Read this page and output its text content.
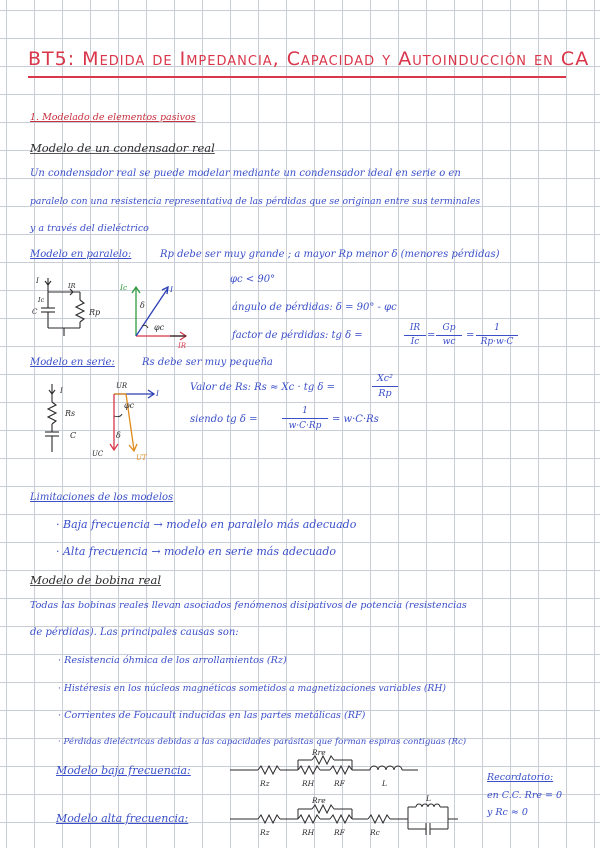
BT5: Medida de Impedancia, Capacidad y Autoinducción en CA
1. Modelado de elementos pasivos
Modelo de un condensador real
Un condensador real se puede modelar mediante un condensador ideal en serie o en
paralelo con una resistencia representativa de las pérdidas que se originan entre sus terminales
y a través del dieléctrico
Modelo en paralelo:	Rp debe ser muy grande ; a mayor Rp menor δ (menores pérdidas)
I
Ic
IR
C	Rp
Ic	I
δ
φc
IR
φc < 90°
ángulo de pérdidas: δ = 90° - φc
factor de pérdidas: tg δ =	$\frac{IR}{Ic} = \frac{Gp}{wc} = \frac{1}{Rp\cdot w\cdot C}$
Modelo en serie:	Rs debe ser muy pequeña
I
Rs
C
UR
I
φc
δ
UC	UT
Valor de Rs: Rs ≈ Xc · tg δ =	$\frac{\text{Xc²}}{Rp}$
siendo tg δ =	$\frac{1}{w\cdot C\cdot Rp} = w\cdot C\cdot Rs$
Limitaciones de los modelos
· Baja frecuencia → modelo en paralelo más adecuado
· Alta frecuencia → modelo en serie más adecuado
Modelo de bobina real
Todas las bobinas reales llevan asociados fenómenos disipativos de potencia (resistencias
de pérdidas). Las principales causas son:
· Resistencia óhmica de los arrollamientos (Rz)
· Histéresis en los núcleos magnéticos sometidos a magnetizaciones variables (RH)
· Corrientes de Foucault inducidas en las partes metálicas (RF)
· Pérdidas dieléctricas debidas a las capacidades parásitas que forman espiras contiguas (Rc)
Modelo baja frecuencia:
Rre
Rz	RH	RF	L
Modelo alta frecuencia:
Rre
Rz	RH	RF	Rc
L
Recordatorio:
en C.C. Rre = 0
y Rc ≈ 0
